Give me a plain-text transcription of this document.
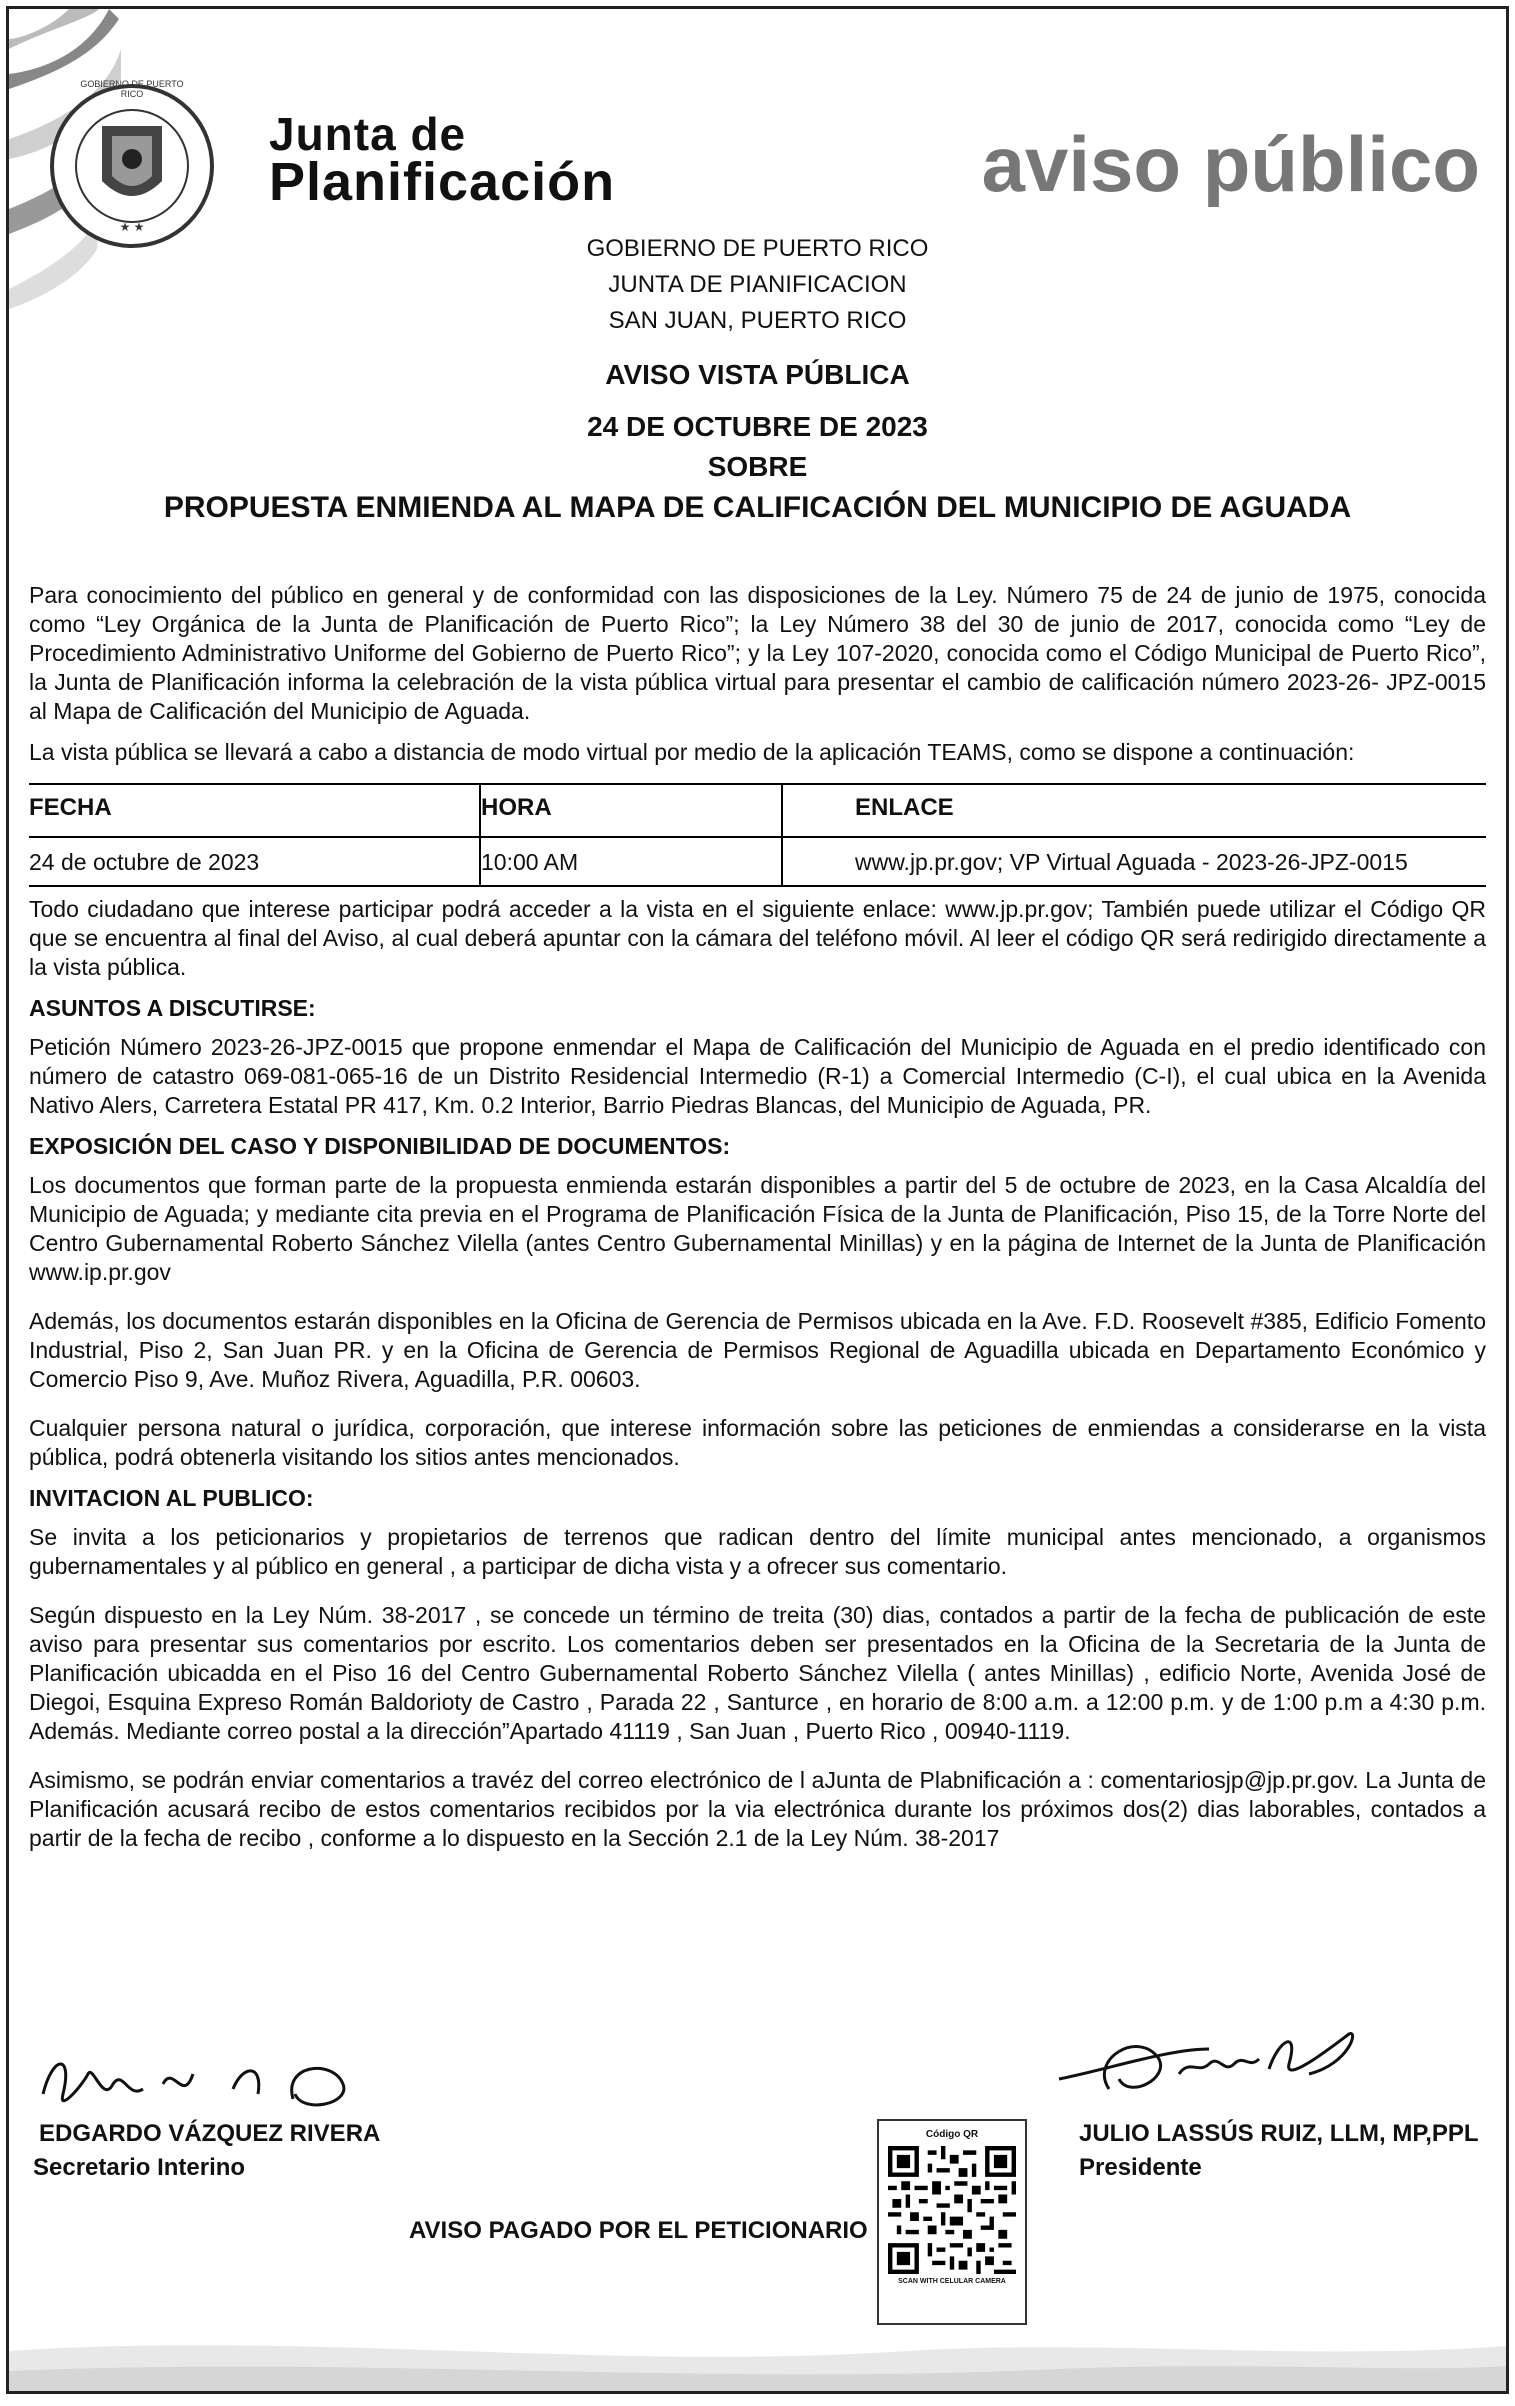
★ ★
GOBIERNO DE PUERTO RICO
Junta de
Planificación	aviso público
GOBIERNO DE PUERTO RICO
JUNTA DE PIANIFICACION
SAN JUAN, PUERTO RICO
AVISO VISTA PÚBLICA
24 DE OCTUBRE DE 2023
SOBRE
PROPUESTA ENMIENDA AL MAPA DE CALIFICACIÓN DEL MUNICIPIO DE AGUADA

Para conocimiento del público en general y de conformidad con las disposiciones de la Ley. Número 75 de 24 de junio de 1975, conocida como “Ley Orgánica de la Junta de Planificación de Puerto Rico”; la Ley Número 38 del 30 de junio de 2017, conocida como “Ley de Procedimiento Administrativo Uniforme del Gobierno de Puerto Rico”; y la Ley 107-2020, conocida como el Código Municipal de Puerto Rico”, la Junta de Planificación informa la celebración de la vista pública virtual para presentar el cambio de calificación número 2023-26- JPZ-0015 al Mapa de Calificación del Municipio de Aguada.

La vista pública se llevará a cabo a distancia de modo virtual por medio de la aplicación TEAMS, como se dispone a continuación:

FECHA	HORA	ENLACE
24 de octubre de 2023	10:00 AM	www.jp.pr.gov; VP Virtual Aguada - 2023-26-JPZ-0015

Todo ciudadano que interese participar podrá acceder a la vista en el siguiente enlace: www.jp.pr.gov; También puede utilizar el Código QR que se encuentra al final del Aviso, al cual deberá apuntar con la cámara del teléfono móvil. Al leer el código QR será redirigido directamente a la vista pública.

ASUNTOS A DISCUTIRSE:

Petición Número 2023-26-JPZ-0015 que propone enmendar el Mapa de Calificación del Municipio de Aguada en el predio identificado con número de catastro 069-081-065-16 de un Distrito Residencial Intermedio (R-1) a Comercial Intermedio (C-I), el cual ubica en la Avenida Nativo Alers, Carretera Estatal PR 417, Km. 0.2 Interior, Barrio Piedras Blancas, del Municipio de Aguada, PR.

EXPOSICIÓN DEL CASO Y DISPONIBILIDAD DE DOCUMENTOS:

Los documentos que forman parte de la propuesta enmienda estarán disponibles a partir del 5 de octubre de 2023, en la Casa Alcaldía del Municipio de Aguada; y mediante cita previa en el Programa de Planificación Física de la Junta de Planificación, Piso 15, de la Torre Norte del Centro Gubernamental Roberto Sánchez Vilella (antes Centro Gubernamental Minillas) y en la página de Internet de la Junta de Planificación www.ip.pr.gov

Además, los documentos estarán disponibles en la Oficina de Gerencia de Permisos ubicada en la Ave. F.D. Roosevelt #385, Edificio Fomento Industrial, Piso 2, San Juan PR. y en la Oficina de Gerencia de Permisos Regional de Aguadilla ubicada en Departamento Económico y Comercio Piso 9, Ave. Muñoz Rivera, Aguadilla, P.R. 00603.

Cualquier persona natural o jurídica, corporación, que interese información sobre las peticiones de enmiendas a considerarse en la vista pública, podrá obtenerla visitando los sitios antes mencionados.

INVITACION AL PUBLICO:

Se invita a los peticionarios y propietarios de terrenos que radican dentro del límite municipal antes mencionado, a organismos gubernamentales y al público en general , a participar de dicha vista y a ofrecer sus comentario.

Según dispuesto en la Ley Núm. 38-2017 , se concede un término de treita (30) dias, contados a partir de la fecha de publicación de este aviso para presentar sus comentarios por escrito. Los comentarios deben ser presentados en la Oficina de la Secretaria de la Junta de Planificación ubicadda en el Piso 16 del Centro Gubernamental Roberto Sánchez Vilella ( antes Minillas) , edificio Norte, Avenida José de Diegoi, Esquina Expreso Román Baldorioty de Castro , Parada 22 , Santurce , en horario de 8:00 a.m. a 12:00 p.m. y de 1:00 p.m a 4:30 p.m. Además. Mediante correo postal a la dirección”Apartado 41119 , San Juan , Puerto Rico , 00940-1119.

Asimismo, se podrán enviar comentarios a travéz del correo electrónico de l aJunta de Plabnificación a : comentariosjp@jp.pr.gov. La Junta de Planificación acusará recibo de estos comentarios recibidos por la via electrónica durante los próximos dos(2) dias laborables, contados a partir de la fecha de recibo , conforme a lo dispuesto en la Sección 2.1 de la Ley Núm. 38-2017

EDGARDO VÁZQUEZ RIVERA
Secretario Interino
JULIO LASSÚS RUIZ, LLM, MP,PPL
Presidente
AVISO PAGADO POR EL PETICIONARIO
Código QR
SCAN WITH CELULAR CAMERA
